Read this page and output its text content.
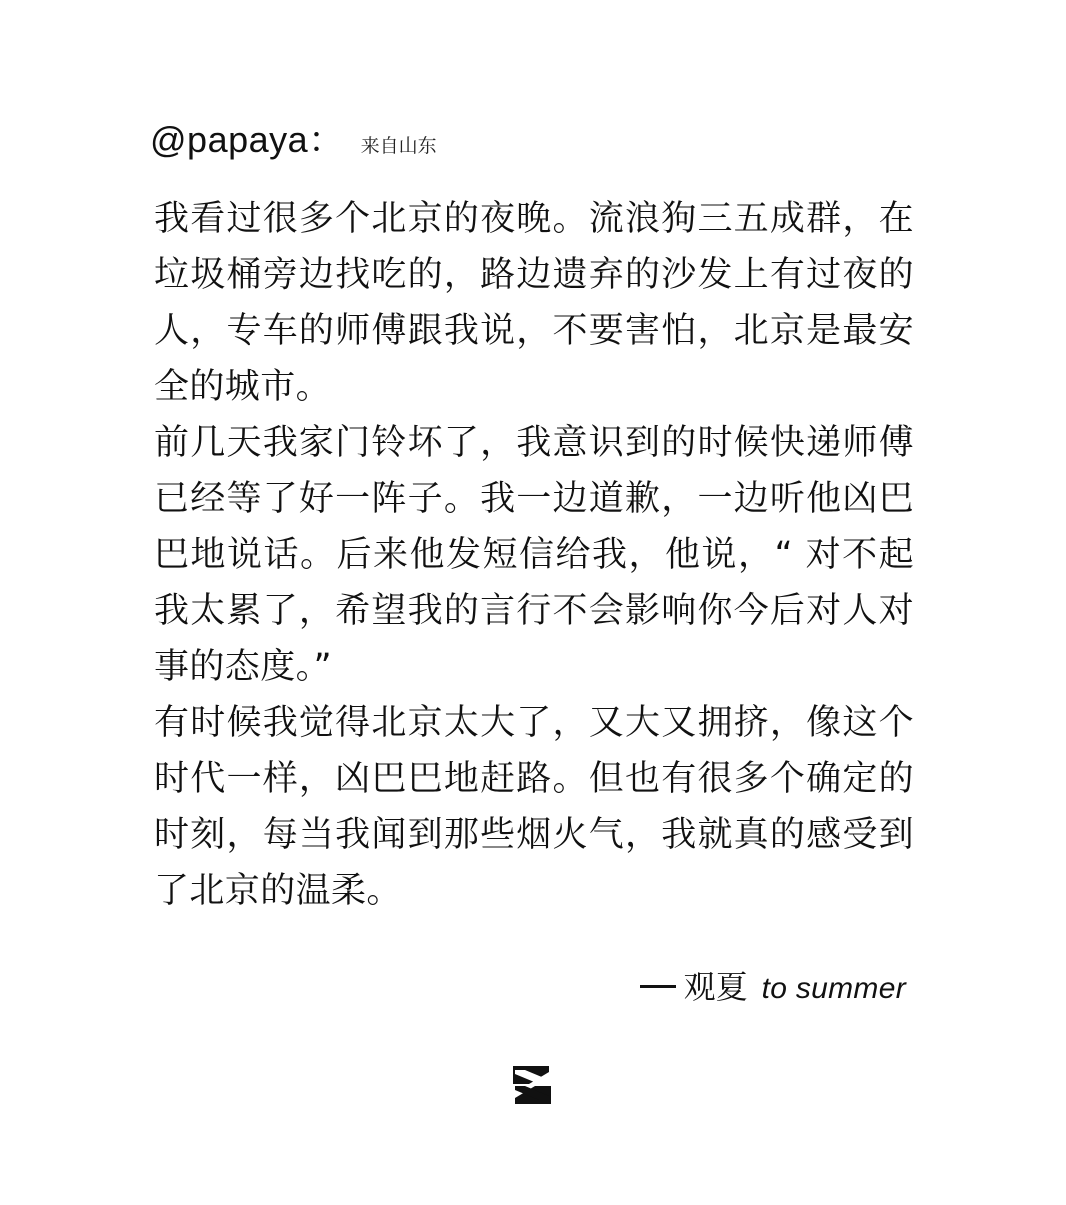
@papaya： 来自山东

我看过很多个北京的夜晚。流浪狗三五成群，在垃圾桶旁边找吃的，路边遗弃的沙发上有过夜的人，专车的师傅跟我说，不要害怕，北京是最安全的城市。

前几天我家门铃坏了，我意识到的时候快递师傅已经等了好一阵子。我一边道歉，一边听他凶巴巴地说话。后来他发短信给我，他说，“ 对不起我太累了，希望我的言行不会影响你今后对人对事的态度。”

有时候我觉得北京太大了，又大又拥挤，像这个时代一样，凶巴巴地赶路。但也有很多个确定的时刻，每当我闻到那些烟火气，我就真的感受到了北京的温柔。

观夏 to summer
